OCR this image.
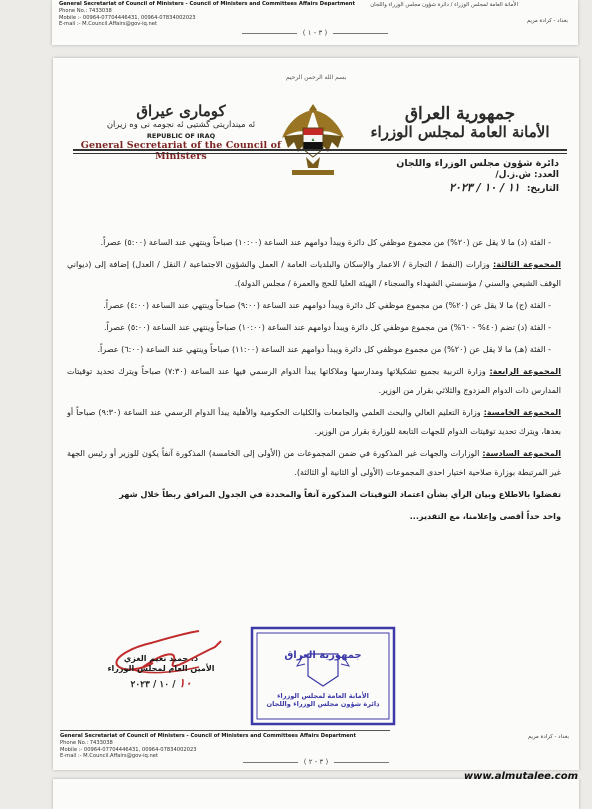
General Secretariat of Council of Ministers - Council of Ministers and Committees Affairs Department
Phone No.: 7433038
Mobile :- 00964-07704446431, 00964-07834002023
E-mail :- M.Council.Affairs@gov-iq.net
الأمانة العامة لمجلس الوزراء / دائرة شؤون مجلس الوزراء واللجان
بغداد - كرادة مريم
( ٣ - ١ )
بسم الله الرحمن الرحيم
جمهورية العراق
الأمانة العامة لمجلس الوزراء
كومارى عيراق
ئه مينداريتى گشتيى ئه نجومه نى وه زيران
REPUBLIC OF IRAQ
General Secretariat of the Council of Ministers
دائرة شؤون مجلس الوزراء واللجان
العدد: ش.ز.ل/
التاريخ: ١١ / ١٠ / ٢٠٢٣

- الفئة (د) ما لا يقل عن (٢٠%) من مجموع موظفي كل دائرة ويبدأ دوامهم عند الساعة (١٠:٠٠) صباحاً وينتهي عند الساعة (٥:٠٠) عصراً.

المجموعة الثالثة: وزارات (النفط / التجارة / الاعمار والإسكان والبلديات العامة / العمل والشؤون الاجتماعية / النقل / العدل) إضافة إلى (ديواني الوقف الشيعي والسني / مؤسستي الشهداء والسجناء / الهيئة العليا للحج والعمرة / مجلس الدولة).

- الفئة (ج) ما لا يقل عن (٢٠%) من مجموع موظفي كل دائرة ويبدأ دوامهم عند الساعة (٩:٠٠) صباحاً وينتهي عند الساعة (٤:٠٠) عصراً.

- الفئة (د) تضم (٤٠% - ٦٠%) من مجموع موظفي كل دائرة ويبدأ دوامهم عند الساعة (١٠:٠٠) صباحاً وينتهي عند الساعة (٥:٠٠) عصراً.

- الفئة (هـ) ما لا يقل عن (٢٠%) من مجموع موظفي كل دائرة ويبدأ دوامهم عند الساعة (١١:٠٠) صباحاً وينتهي عند الساعة (٦:٠٠) عصراً.

المجموعة الرابعة: وزارة التربية بجميع تشكيلاتها ومدارسها وملاكاتها يبدأ الدوام الرسمي فيها عند الساعة (٧:٣٠) صباحاً ويترك تحديد توقيتات المدارس ذات الدوام المزدوج والثلاثي بقرار من الوزير.

المجموعة الخامسة: وزارة التعليم العالي والبحث العلمي والجامعات والكليات الحكومية والأهلية يبدأ الدوام الرسمي عند الساعة (٩:٣٠) صباحاً أو بعدها، ويترك تحديد توقيتات الدوام للجهات التابعة للوزارة بقرار من الوزير.

المجموعة السادسة: الوزارات والجهات غير المذكورة في ضمن المجموعات من (الأولى إلى الخامسة) المذكورة آنفاً يكون للوزير أو رئيس الجهة غير المرتبطة بوزارة صلاحية اختيار احدى المجموعات (الأولى أو الثانية أو الثالثة).

تفضلوا بالاطلاع وبيان الرأي بشأن اعتماد التوقيتات المذكورة آنفاً والمحددة في الجدول المرافق ربطاً خلال شهر

واحد حداً أقصى وإعلامنا، مع التقدير...

د. حميد نعيم الغزي
الأمين العام لمجلس الوزراء
١٠ / ١٠ / ٢٠٢٣
جمهورية العراق
الأمانة العامة لمجلس الوزراء
دائرة شؤون مجلس الوزراء واللجان
General Secretariat of Council of Ministers - Council of Ministers and Committees Affairs Department
Phone No.: 7433038
Mobile :- 00964-07704446431, 00964-07834002023
E-mail :- M.Council.Affairs@gov-iq.net
بغداد - كرادة مريم
( ٣ - ٢ )
www.almutalee.com
